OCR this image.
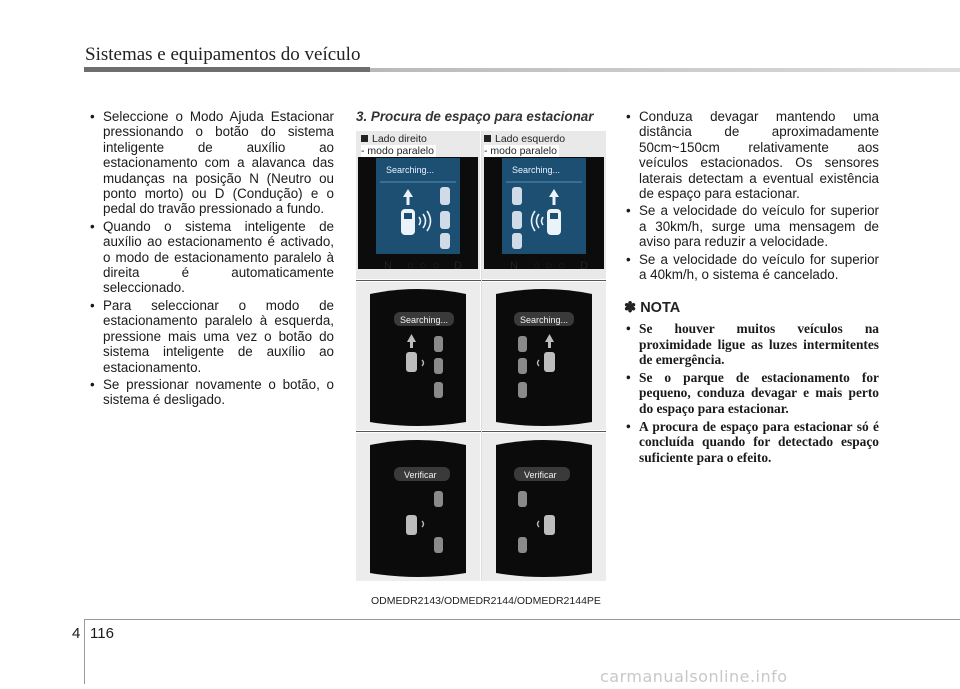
Sistemas e equipamentos do veículo
• Seleccione o Modo Ajuda Estacionar pressionando o botão do sistema inteligente de auxílio ao estacionamento com a alavanca das mudanças na posição N (Neutro ou ponto morto) ou D (Condução) e o pedal do travão pressionado a fundo.
• Quando o sistema inteligente de auxílio ao estacionamento é activado, o modo de estacionamento paralelo à direita é automaticamente seleccionado.
• Para seleccionar o modo de estacionamento paralelo à esquerda, pressione mais uma vez o botão do sistema inteligente de auxílio ao estacionamento.
• Se pressionar novamente o botão, o sistema é desligado.
3. Procura de espaço para estacionar
Lado direito
- modo paralelo
Searching...
N ○○○ D
Lado esquerdo
- modo paralelo
Searching...
N ○○○ D
Searching...	Searching...
Verificar	Verificar
ODMEDR2143/ODMEDR2144/ODMEDR2144PE
• Conduza devagar mantendo uma distância de aproximadamente 50cm~150cm relativamente aos veículos estacionados. Os sensores laterais detectam a eventual existência de espaço para estacionar.
• Se a velocidade do veículo for superior a 30km/h, surge uma mensagem de aviso para reduzir a velocidade.
• Se a velocidade do veículo for superior a 40km/h, o sistema é cancelado.
✽ NOTA
• Se houver muitos veículos na proximidade ligue as luzes intermitentes de emergência.
• Se o parque de estacionamento for pequeno, conduza devagar e mais perto do espaço para estacionar.
• A procura de espaço para estacionar só é concluída quando for detectado espaço suficiente para o efeito.
4 116
carmanualsonline.info
